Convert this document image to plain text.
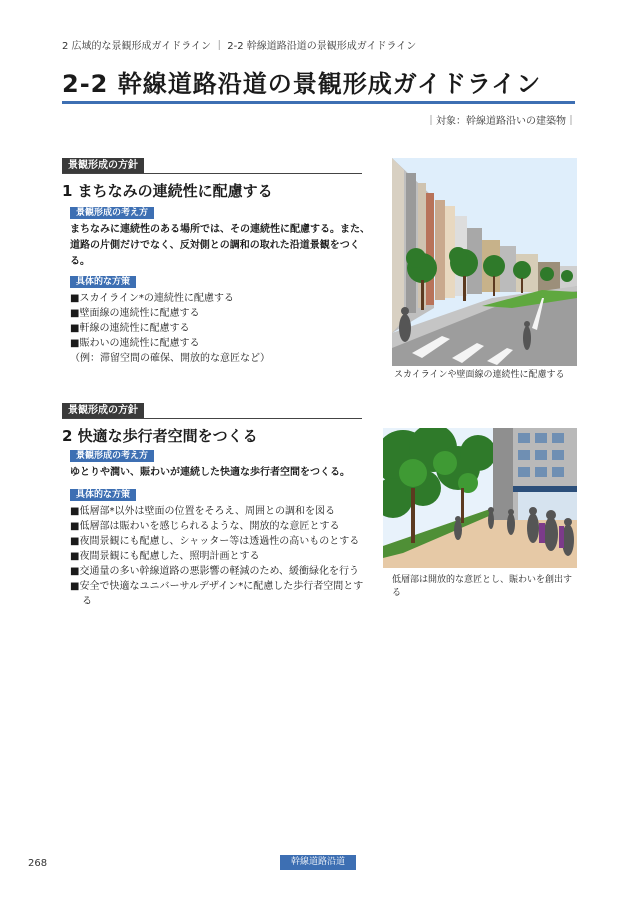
2 広域的な景観形成ガイドライン ｜ 2-2 幹線道路沿道の景観形成ガイドライン
2-2 幹線道路沿道の景観形成ガイドライン
｜対象：幹線道路沿いの建築物｜
景観形成の方針
1 まちなみの連続性に配慮する
景観形成の考え方
まちなみに連続性のある場所では、その連続性に配慮する。また、道路の片側だけでなく、反対側との調和の取れた沿道景観をつくる。
具体的な方策
■スカイライン*の連続性に配慮する
■壁面線の連続性に配慮する
■軒線の連続性に配慮する
■賑わいの連続性に配慮する
（例：滞留空間の確保、開放的な意匠など）
スカイラインや壁面線の連続性に配慮する
景観形成の方針
2 快適な歩行者空間をつくる
景観形成の考え方
ゆとりや潤い、賑わいが連続した快適な歩行者空間をつくる。
具体的な方策
■低層部*以外は壁面の位置をそろえ、周囲との調和を図る
■低層部は賑わいを感じられるような、開放的な意匠とする
■夜間景観にも配慮し、シャッター等は透過性の高いものとする
■夜間景観にも配慮した、照明計画とする
■交通量の多い幹線道路の悪影響の軽減のため、緩衝緑化を行う
■安全で快適なユニバーサルデザイン*に配慮した歩行者空間とする
低層部は開放的な意匠とし、賑わいを創出する
268	幹線道路沿道
